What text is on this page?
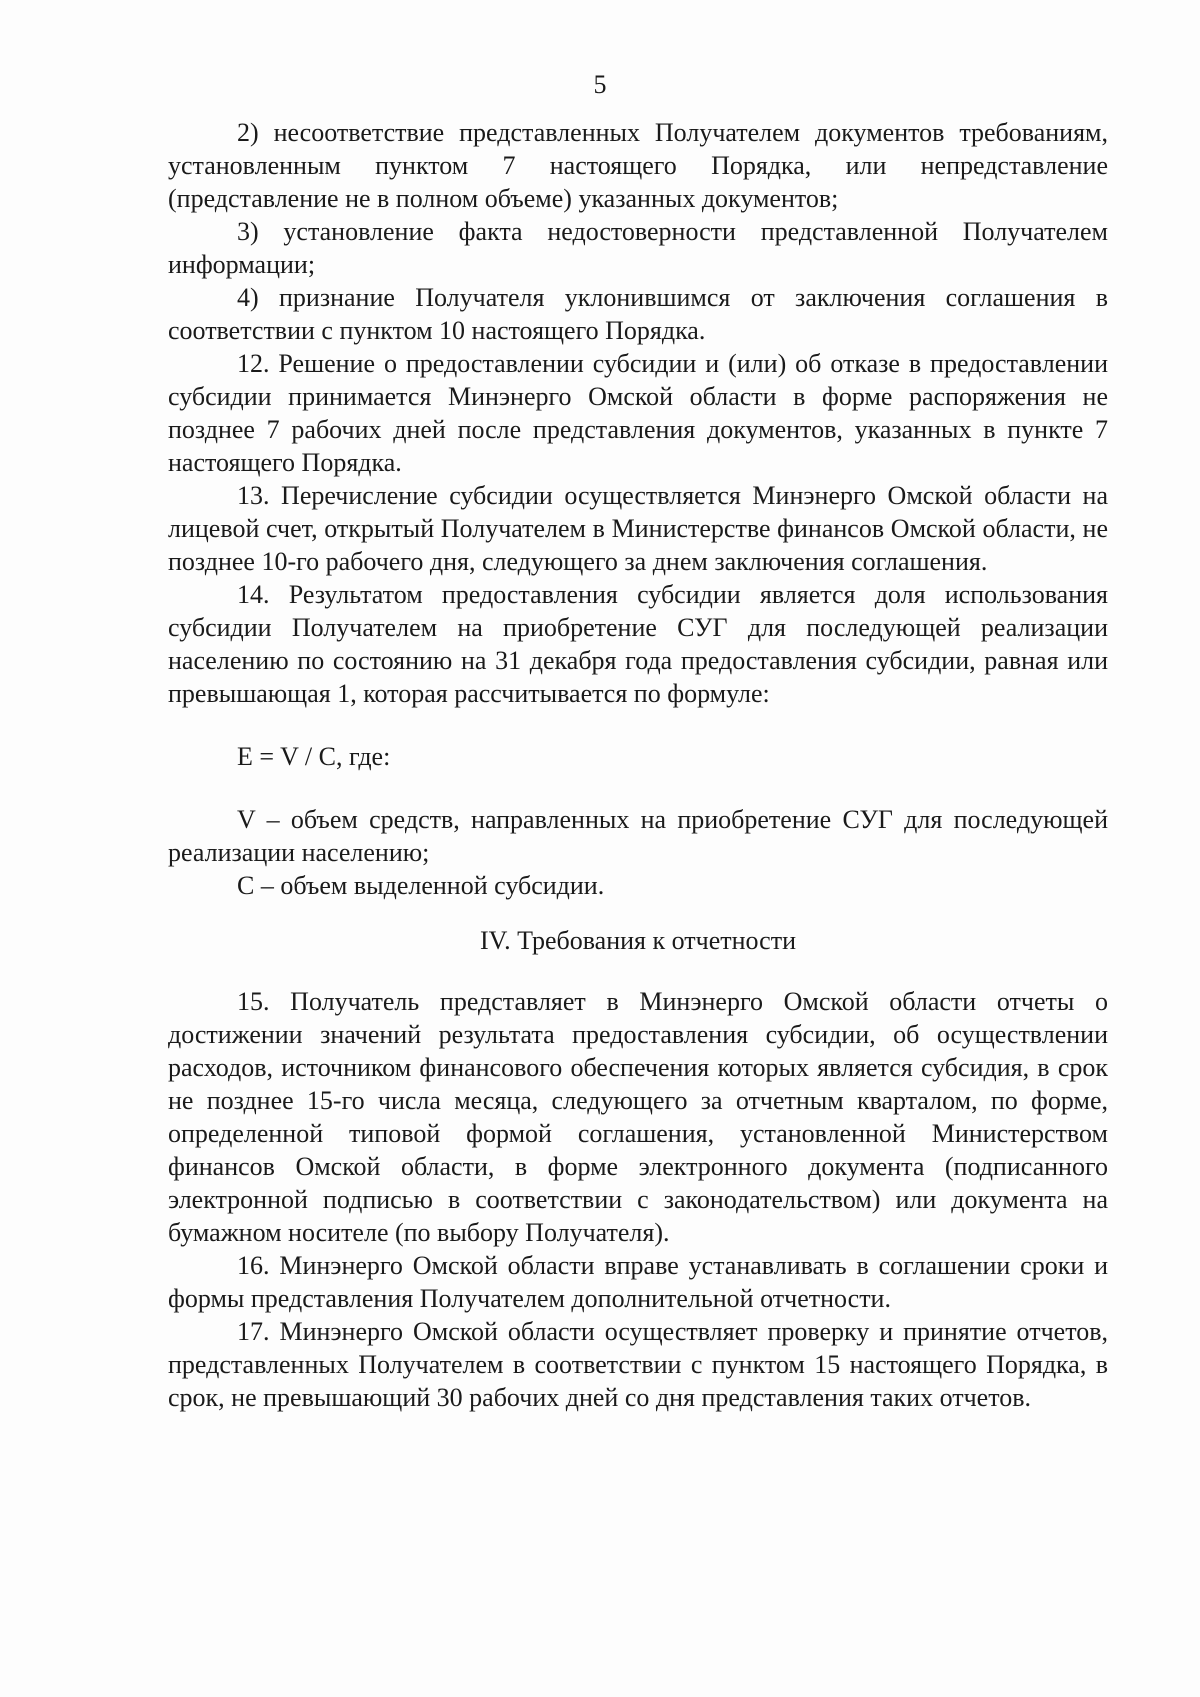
5

2) несоответствие представленных Получателем документов требованиям, установленным пунктом 7 настоящего Порядка, или непредставление (представление не в полном объеме) указанных документов;

3) установление факта недостоверности представленной Получателем информации;

4) признание Получателя уклонившимся от заключения соглашения в соответствии с пунктом 10 настоящего Порядка.

12. Решение о предоставлении субсидии и (или) об отказе в предоставлении субсидии принимается Минэнерго Омской области в форме распоряжения не позднее 7 рабочих дней после представления документов, указанных в пункте 7 настоящего Порядка.

13. Перечисление субсидии осуществляется Минэнерго Омской области на лицевой счет, открытый Получателем в Министерстве финансов Омской области, не позднее 10-го рабочего дня, следующего за днем заключения соглашения.

14. Результатом предоставления субсидии является доля использования субсидии Получателем на приобретение СУГ для последующей реализации населению по состоянию на 31 декабря года предоставления субсидии, равная или превышающая 1, которая рассчитывается по формуле:

E = V / C, где:

V – объем средств, направленных на приобретение СУГ для последующей реализации населению;

C – объем выделенной субсидии.

IV. Требования к отчетности

15. Получатель представляет в Минэнерго Омской области отчеты о достижении значений результата предоставления субсидии, об осуществлении расходов, источником финансового обеспечения которых является субсидия, в срок не позднее 15-го числа месяца, следующего за отчетным кварталом, по форме, определенной типовой формой соглашения, установленной Министерством финансов Омской области, в форме электронного документа (подписанного электронной подписью в соответствии с законодательством) или документа на бумажном носителе (по выбору Получателя).

16. Минэнерго Омской области вправе устанавливать в соглашении сроки и формы представления Получателем дополнительной отчетности.

17. Минэнерго Омской области осуществляет проверку и принятие отчетов, представленных Получателем в соответствии с пунктом 15 настоящего Порядка, в срок, не превышающий 30 рабочих дней со дня представления таких отчетов.
